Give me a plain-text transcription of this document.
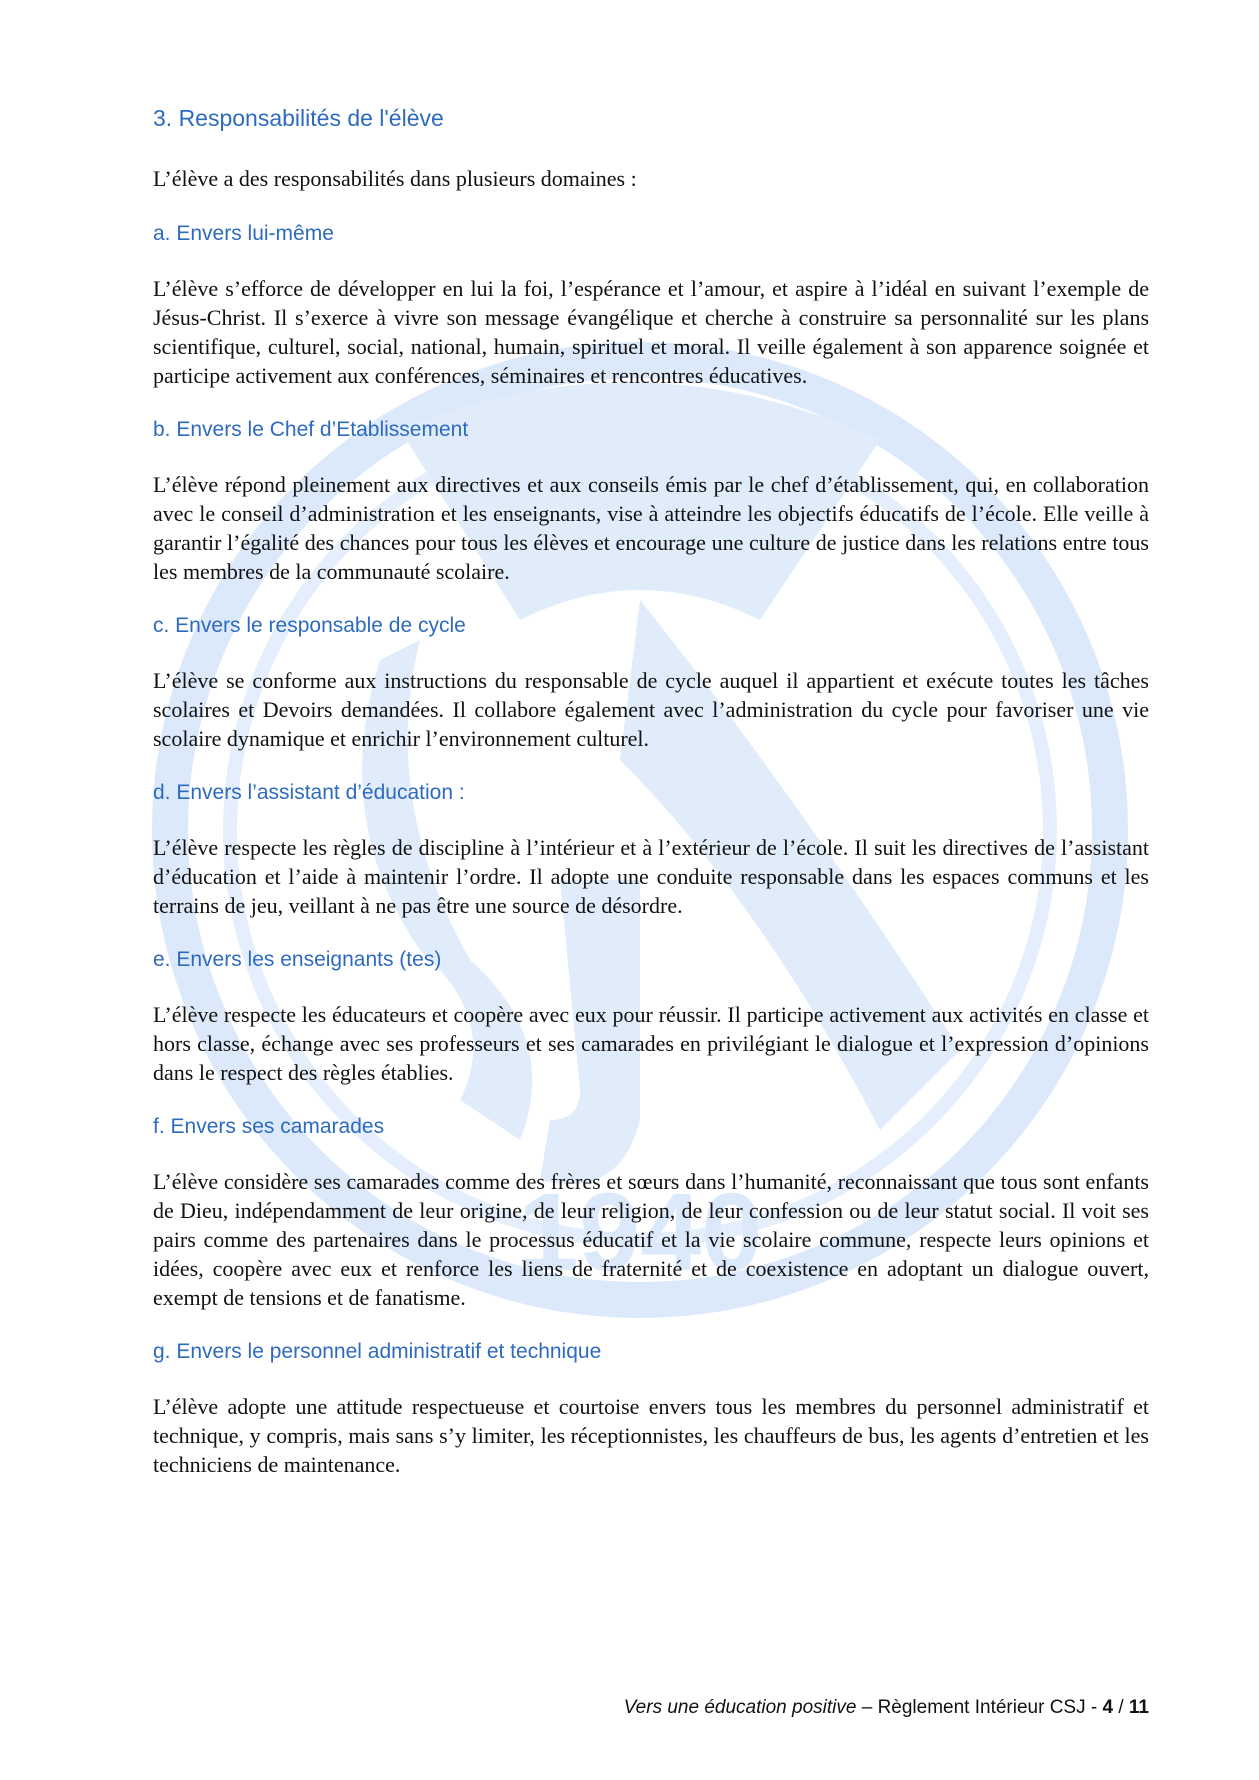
1940
3. Responsabilités de l'élève

L’élève a des responsabilités dans plusieurs domaines :

a. Envers lui-même

L’élève s’efforce de développer en lui la foi, l’espérance et l’amour, et aspire à l’idéal en suivant l’exemple de Jésus-Christ. Il s’exerce à vivre son message évangélique et cherche à construire sa personnalité sur les plans scientifique, culturel, social, national, humain, spirituel et moral. Il veille également à son apparence soignée et participe activement aux conférences, séminaires et rencontres éducatives.

b. Envers le Chef d’Etablissement

L’élève répond pleinement aux directives et aux conseils émis par le chef d’établissement, qui, en collaboration avec le conseil d’administration et les enseignants, vise à atteindre les objectifs éducatifs de l’école. Elle veille à garantir l’égalité des chances pour tous les élèves et encourage une culture de justice dans les relations entre tous les membres de la communauté scolaire.

c. Envers le responsable de cycle

L’élève se conforme aux instructions du responsable de cycle auquel il appartient et exécute toutes les tâches scolaires et Devoirs demandées. Il collabore également avec l’administration du cycle pour favoriser une vie scolaire dynamique et enrichir l’environnement culturel.

d. Envers l’assistant d’éducation :

L’élève respecte les règles de discipline à l’intérieur et à l’extérieur de l’école. Il suit les directives de l’assistant d’éducation et l’aide à maintenir l’ordre. Il adopte une conduite responsable dans les espaces communs et les terrains de jeu, veillant à ne pas être une source de désordre.

e. Envers les enseignants (tes)

L’élève respecte les éducateurs et coopère avec eux pour réussir. Il participe activement aux activités en classe et hors classe, échange avec ses professeurs et ses camarades en privilégiant le dialogue et l’expression d’opinions dans le respect des règles établies.

f. Envers ses camarades

L’élève considère ses camarades comme des frères et sœurs dans l’humanité, reconnaissant que tous sont enfants de Dieu, indépendamment de leur origine, de leur religion, de leur confession ou de leur statut social. Il voit ses pairs comme des partenaires dans le processus éducatif et la vie scolaire commune, respecte leurs opinions et idées, coopère avec eux et renforce les liens de fraternité et de coexistence en adoptant un dialogue ouvert, exempt de tensions et de fanatisme.

g. Envers le personnel administratif et technique

L’élève adopte une attitude respectueuse et courtoise envers tous les membres du personnel administratif et technique, y compris, mais sans s’y limiter, les réceptionnistes, les chauffeurs de bus, les agents d’entretien et les techniciens de maintenance.

Vers une éducation positive – Règlement Intérieur CSJ - 4 / 11
